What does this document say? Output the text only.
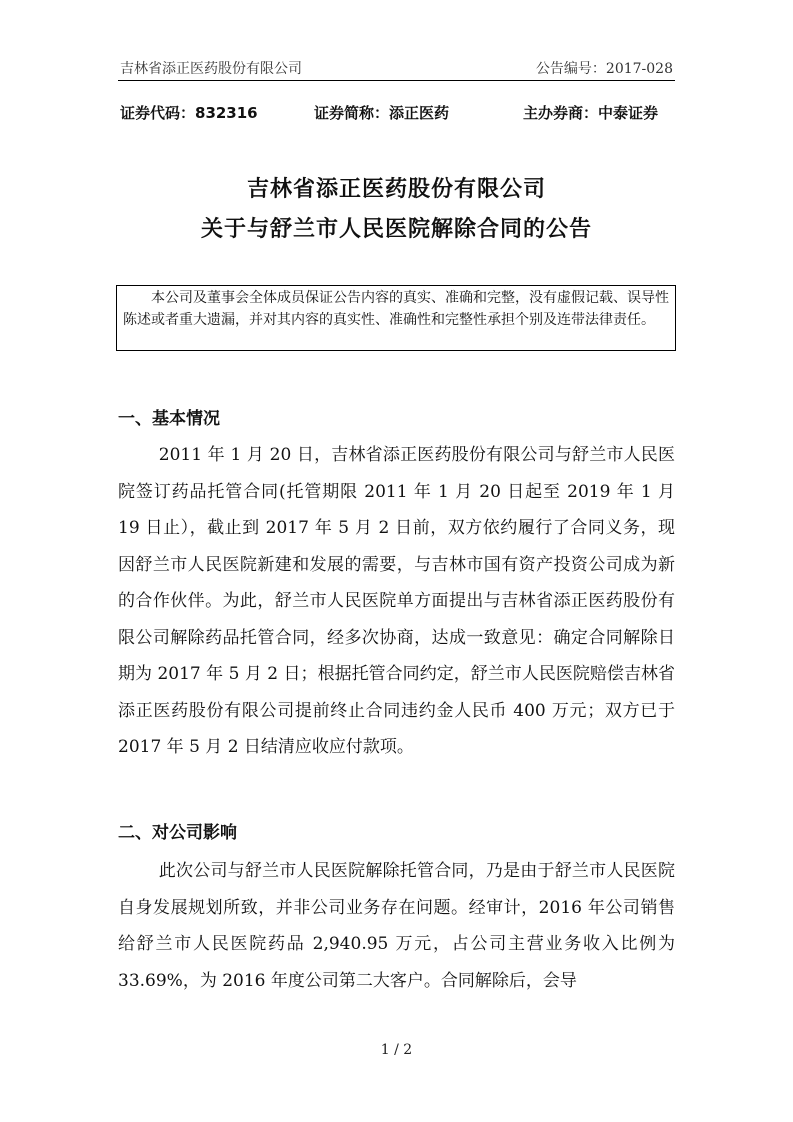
吉林省添正医药股份有限公司	公告编号：2017-028
证券代码：832316	证券简称：添正医药	主办券商：中泰证券
吉林省添正医药股份有限公司
关于与舒兰市人民医院解除合同的公告
本公司及董事会全体成员保证公告内容的真实、准确和完整，没有虚假记载、误导性陈述或者重大遗漏，并对其内容的真实性、准确性和完整性承担个别及连带法律责任。
一、基本情况
2011 年 1 月 20 日，吉林省添正医药股份有限公司与舒兰市人民医院签订药品托管合同(托管期限 2011 年 1 月 20 日起至 2019 年 1 月 19 日止），截止到 2017 年 5 月 2 日前，双方依约履行了合同义务，现因舒兰市人民医院新建和发展的需要，与吉林市国有资产投资公司成为新的合作伙伴。为此，舒兰市人民医院单方面提出与吉林省添正医药股份有限公司解除药品托管合同，经多次协商，达成一致意见：确定合同解除日期为 2017 年 5 月 2 日；根据托管合同约定，舒兰市人民医院赔偿吉林省添正医药股份有限公司提前终止合同违约金人民币 400 万元；双方已于 2017 年 5 月 2 日结清应收应付款项。
二、对公司影响
此次公司与舒兰市人民医院解除托管合同，乃是由于舒兰市人民医院自身发展规划所致，并非公司业务存在问题。经审计，2016 年公司销售给舒兰市人民医院药品 2,940.95 万元，占公司主营业务收入比例为 33.69%，为 2016 年度公司第二大客户。合同解除后，会导
1 / 2
